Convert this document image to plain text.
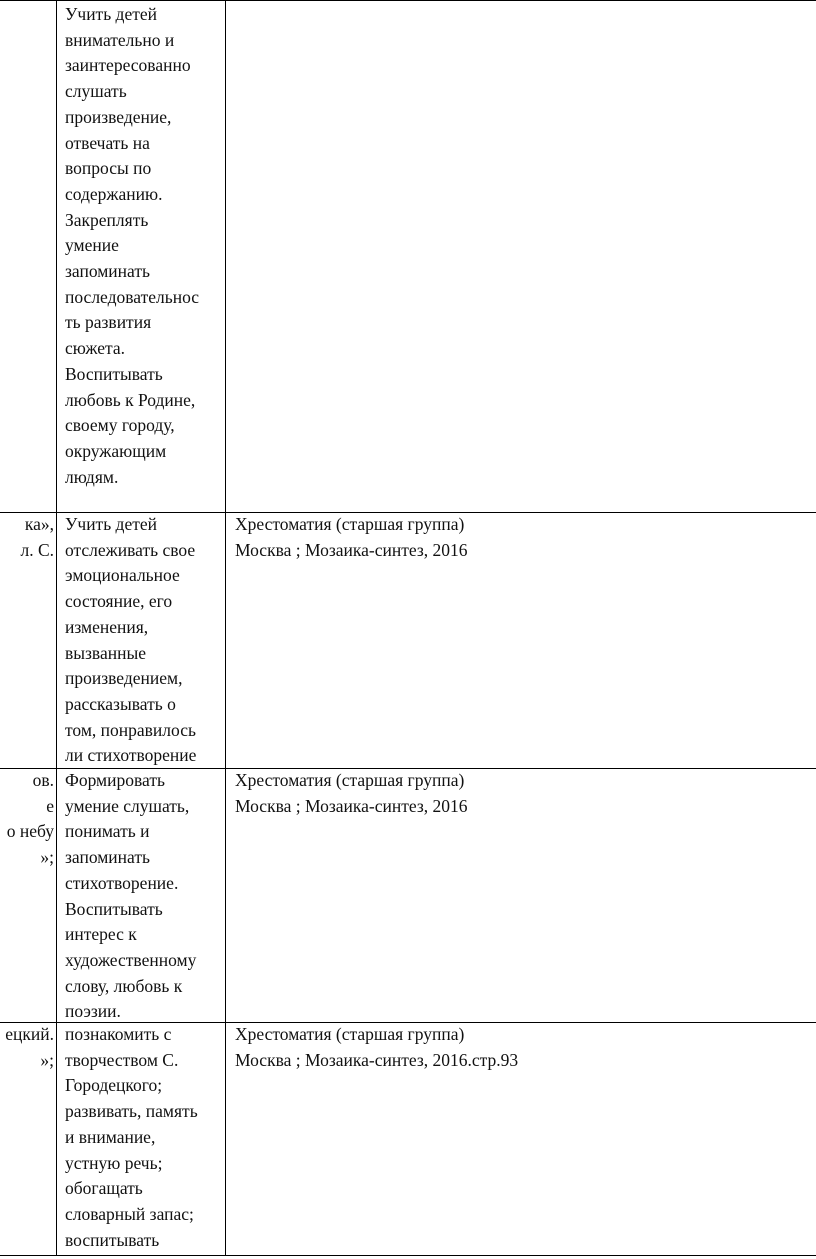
Учить детей
внимательно и
заинтересованно
слушать
произведение,
отвечать на
вопросы по
содержанию.
Закреплять
умение
запоминать
последовательнос
ть развития
сюжета.
Воспитывать
любовь к Родине,
своему городу,
окружающим
людям.
ка»,
л. С.
Учить детей
отслеживать свое
эмоциональное
состояние, его
изменения,
вызванные
произведением,
рассказывать о
том, понравилось
ли стихотворение
Хрестоматия (старшая группа)
Москва ; Мозаика-синтез, 2016
ов.
е
о небу
»;
Формировать
умение слушать,
понимать и
запоминать
стихотворение.
Воспитывать
интерес к
художественному
слову, любовь к
поэзии.
Хрестоматия (старшая группа)
Москва ; Мозаика-синтез, 2016
ецкий.
»;
познакомить с
творчеством С.
Городецкого;
развивать, память
и внимание,
устную речь;
обогащать
словарный запас;
воспитывать
Хрестоматия (старшая группа)
Москва ; Мозаика-синтез, 2016.стр.93
